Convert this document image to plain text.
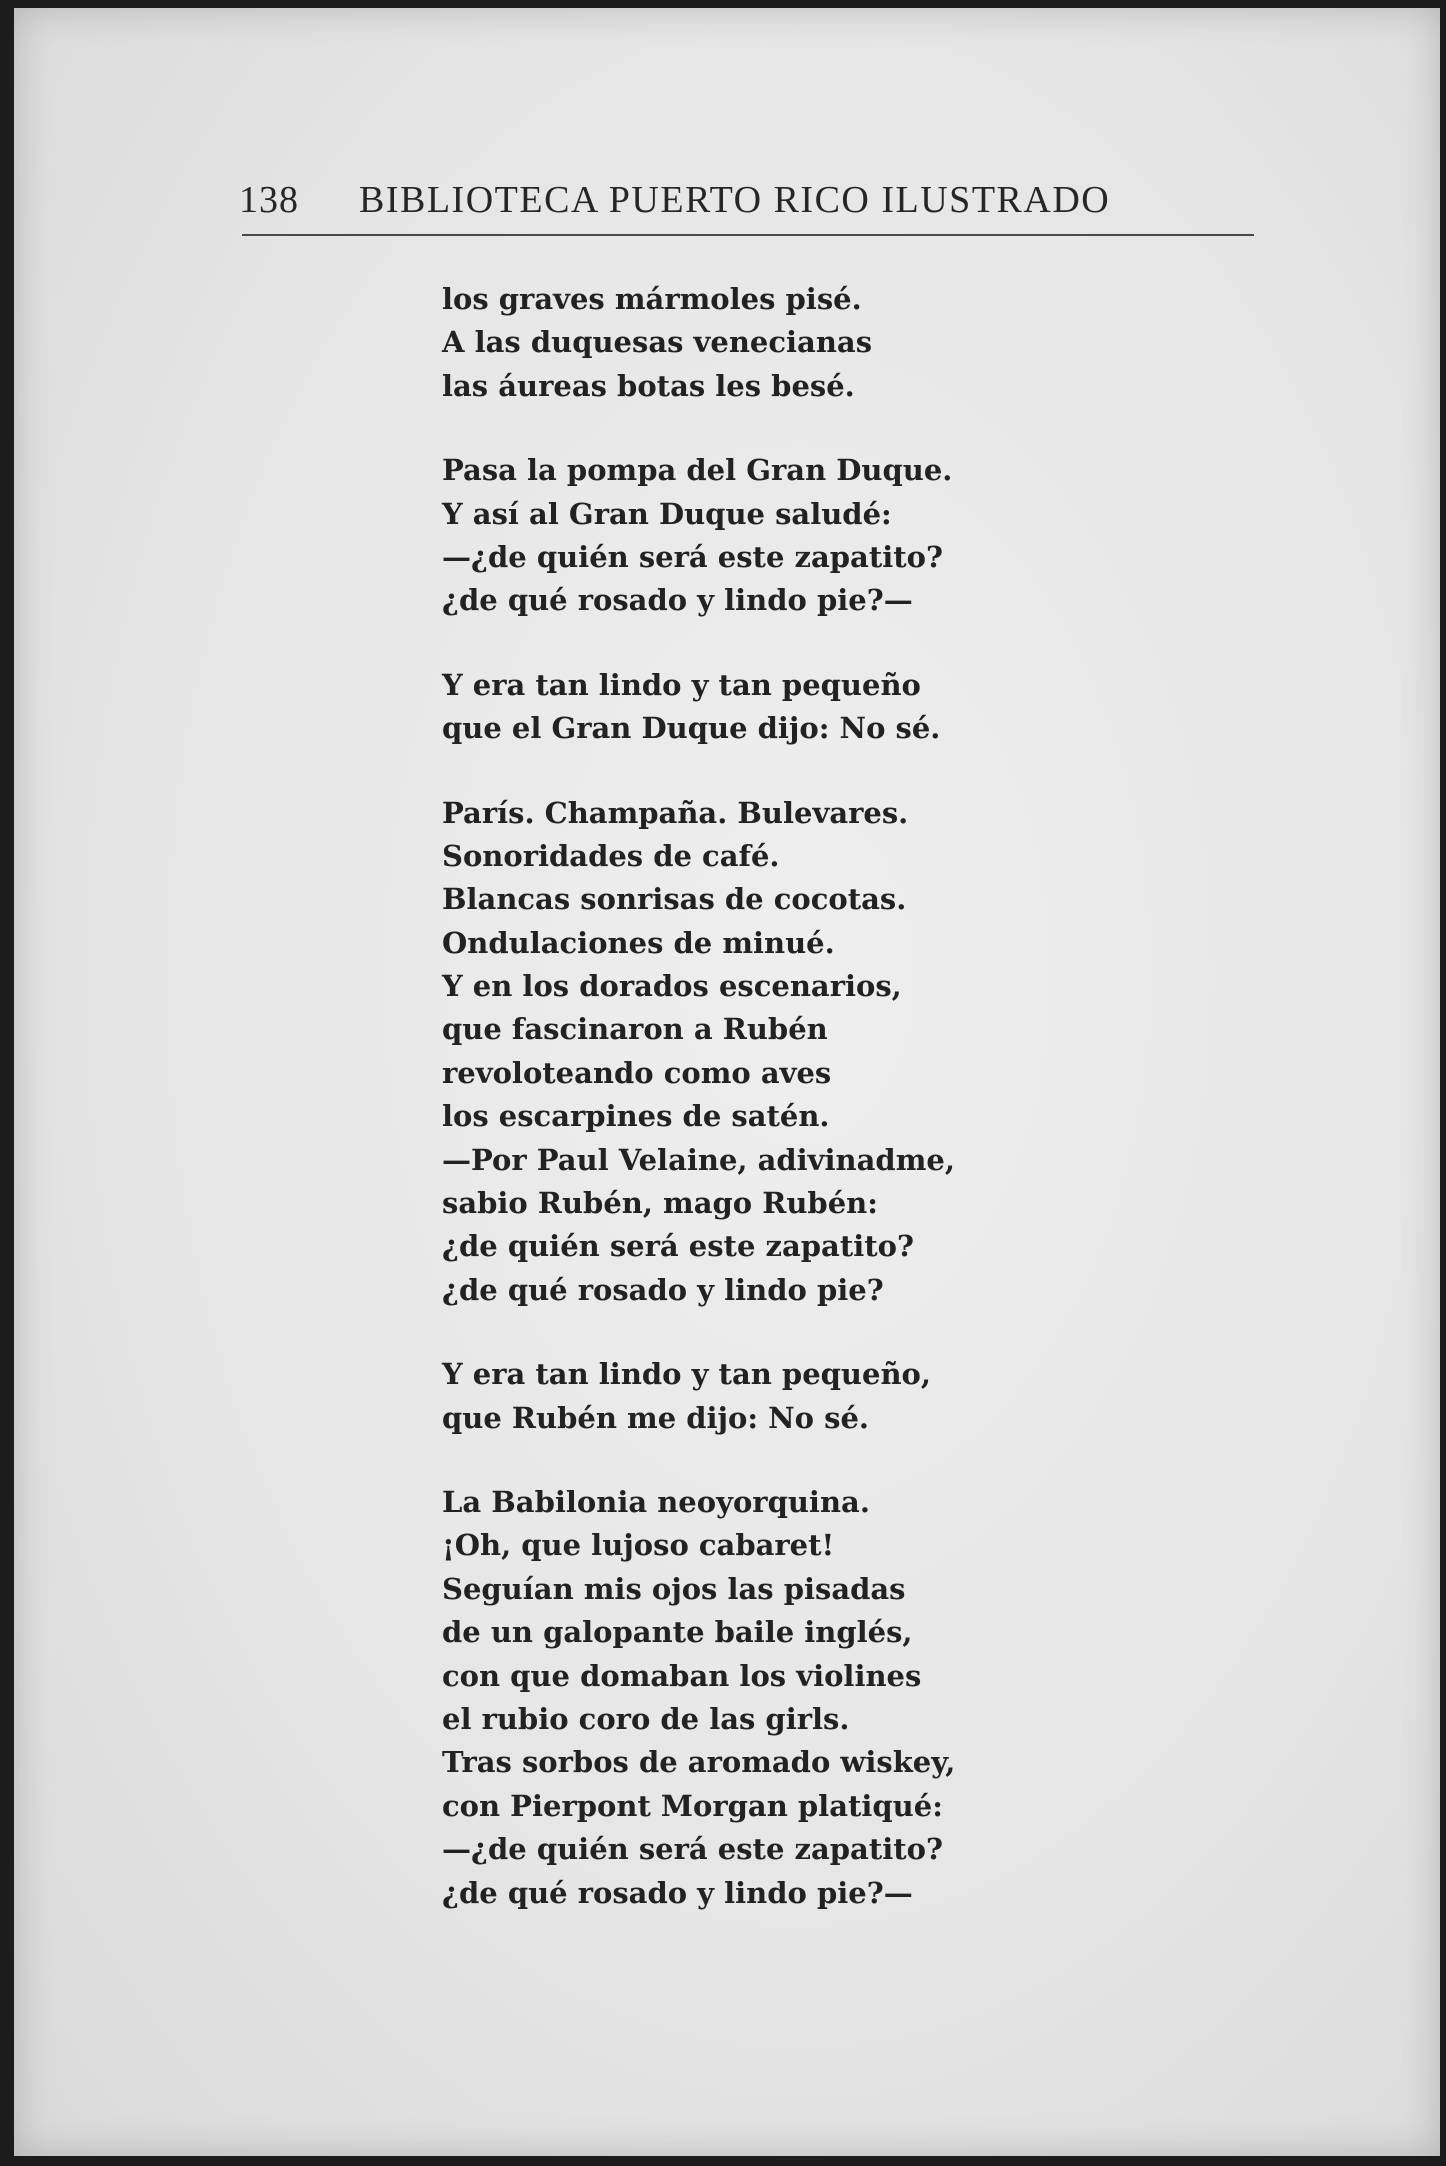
138 BIBLIOTECA PUERTO RICO ILUSTRADO
los graves mármoles pisé.
A las duquesas venecianas
las áureas botas les besé.
Pasa la pompa del Gran Duque.
Y así al Gran Duque saludé:
—¿de quién será este zapatito?
¿de qué rosado y lindo pie?—
Y era tan lindo y tan pequeño
que el Gran Duque dijo: No sé.
París. Champaña. Bulevares.
Sonoridades de café.
Blancas sonrisas de cocotas.
Ondulaciones de minué.
Y en los dorados escenarios,
que fascinaron a Rubén
revoloteando como aves
los escarpines de satén.
—Por Paul Velaine, adivinadme,
sabio Rubén, mago Rubén:
¿de quién será este zapatito?
¿de qué rosado y lindo pie?
Y era tan lindo y tan pequeño,
que Rubén me dijo: No sé.
La Babilonia neoyorquina.
¡Oh, que lujoso cabaret!
Seguían mis ojos las pisadas
de un galopante baile inglés,
con que domaban los violines
el rubio coro de las girls.
Tras sorbos de aromado wiskey,
con Pierpont Morgan platiqué:
—¿de quién será este zapatito?
¿de qué rosado y lindo pie?—
